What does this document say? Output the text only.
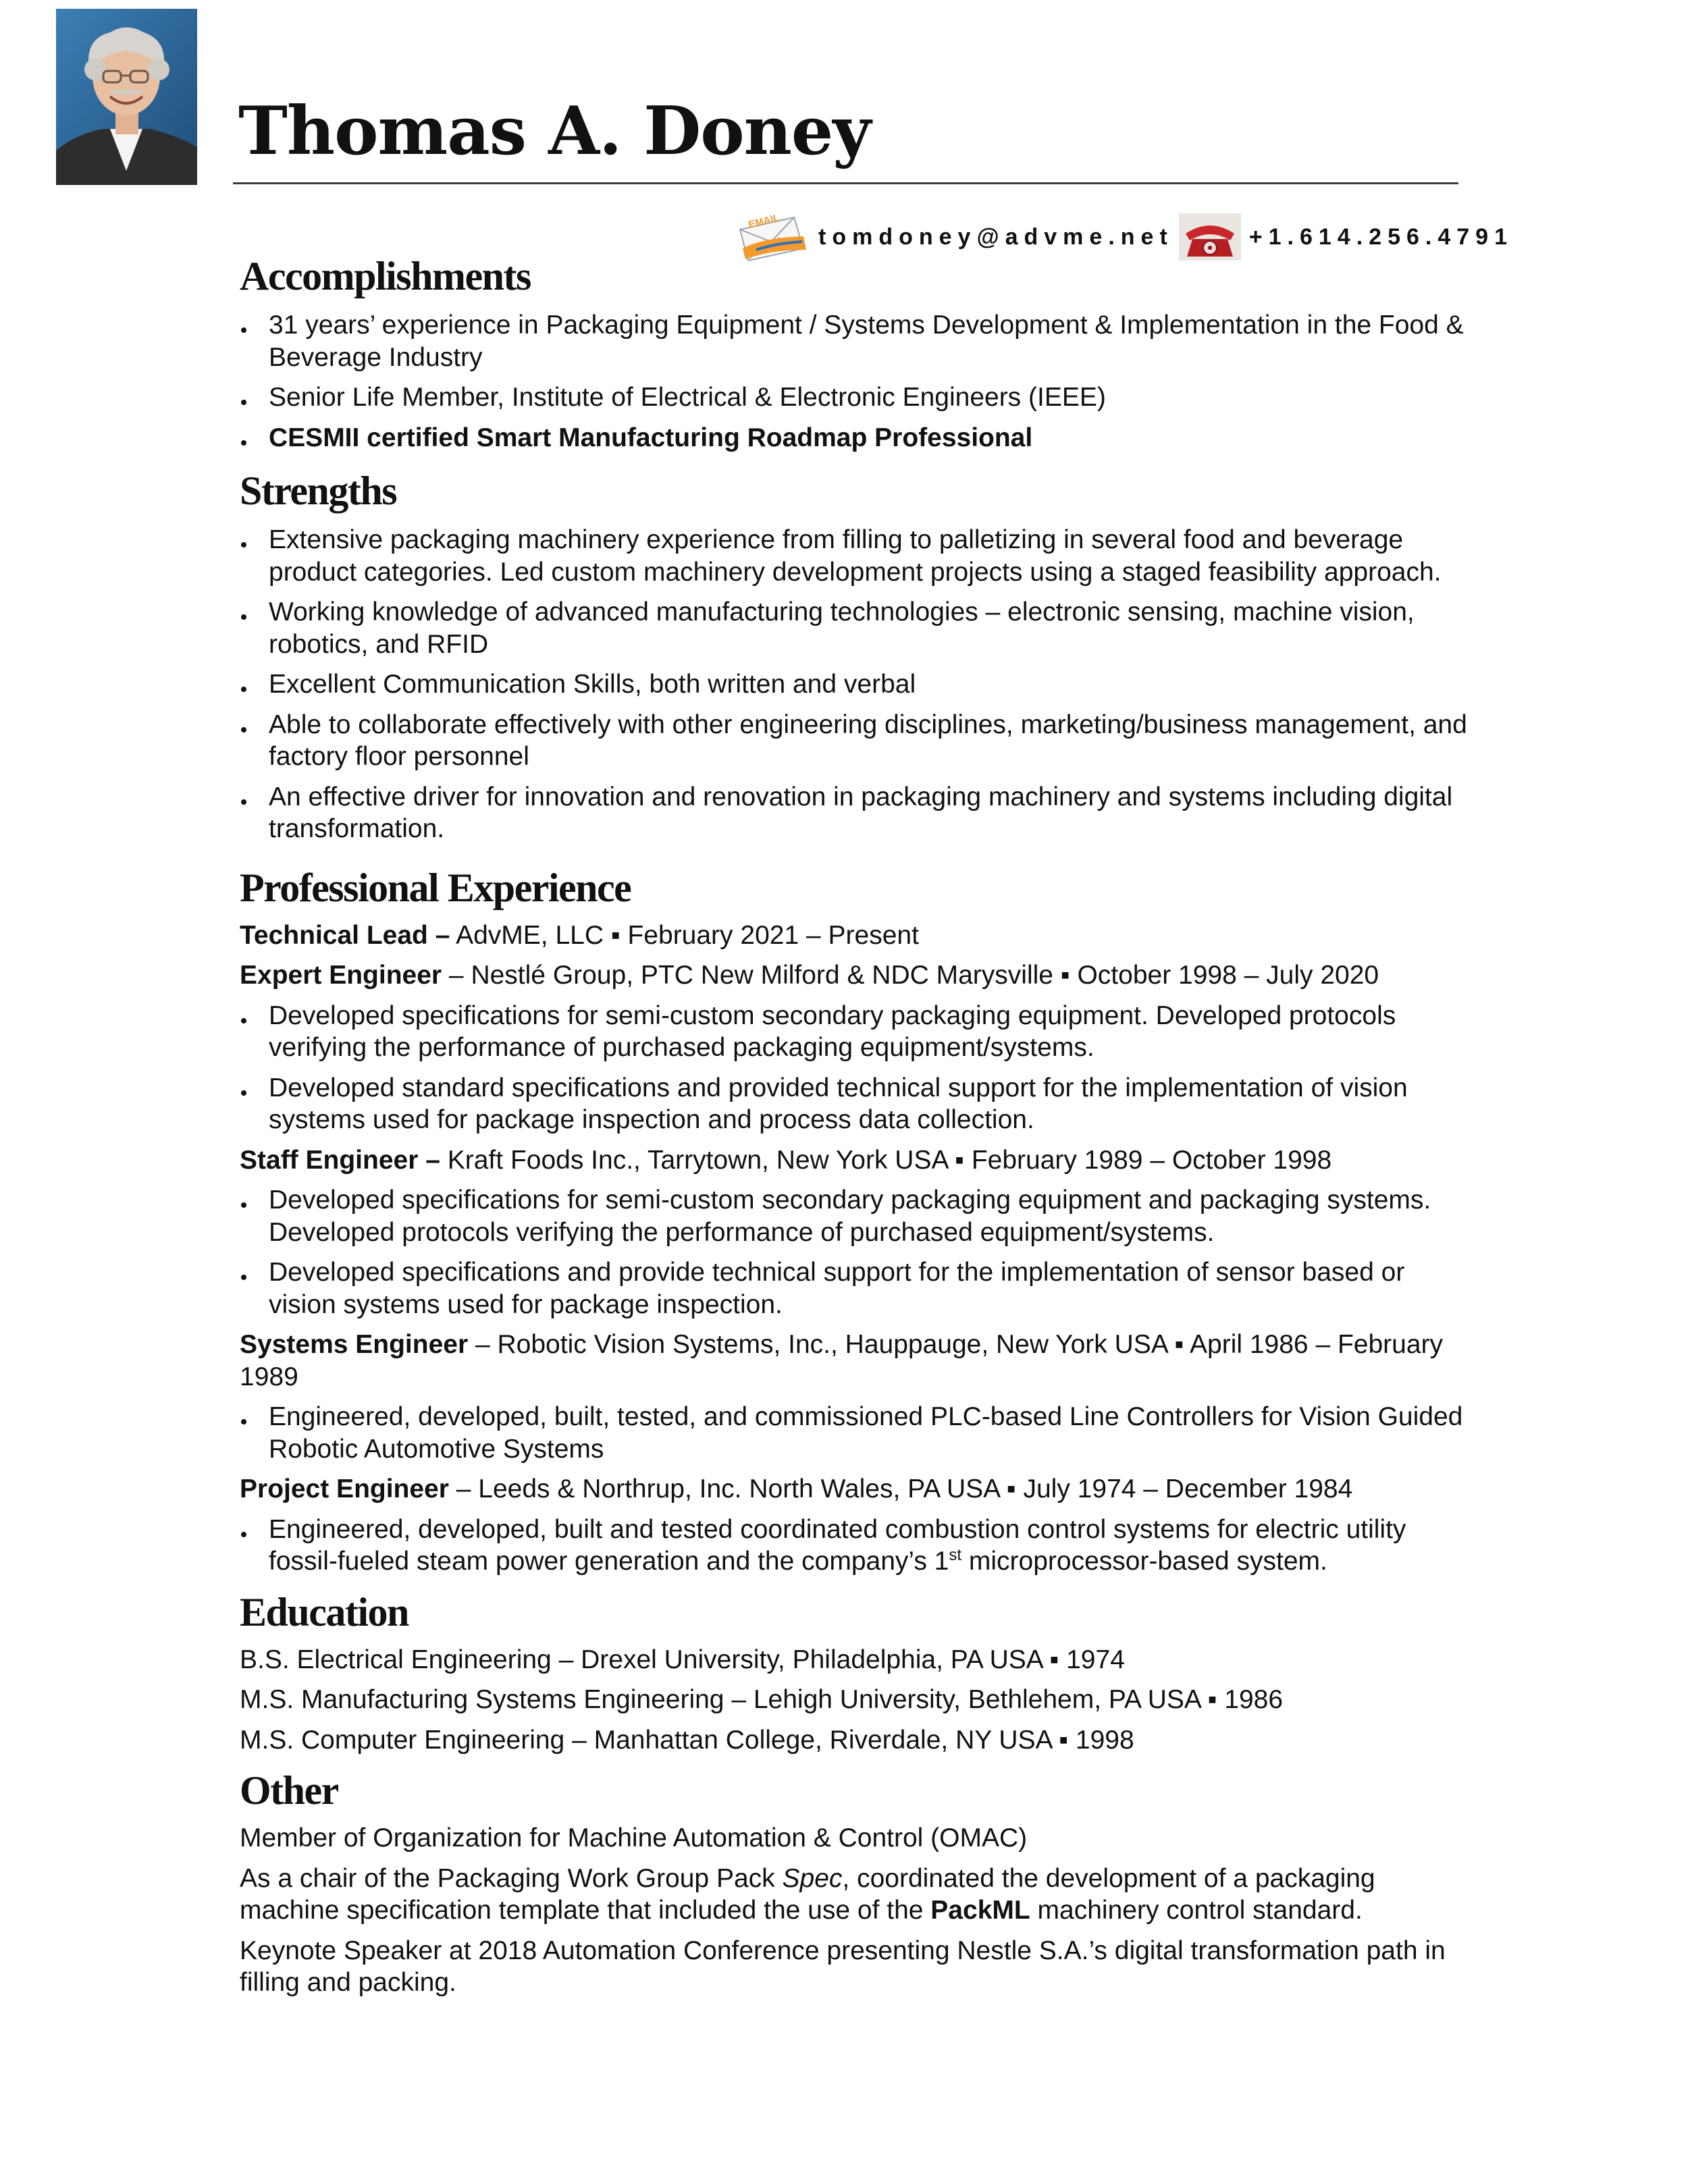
Thomas A. Doney
EMAIL
tomdoney@advme.net	+1.614.256.4791
Accomplishments
31 years’ experience in Packaging Equipment / Systems Development & Implementation in the Food & Beverage Industry
Senior Life Member, Institute of Electrical & Electronic Engineers (IEEE)
CESMII certified Smart Manufacturing Roadmap Professional
Strengths
Extensive packaging machinery experience from filling to palletizing in several food and beverage product categories. Led custom machinery development projects using a staged feasibility approach.
Working knowledge of advanced manufacturing technologies – electronic sensing, machine vision, robotics, and RFID
Excellent Communication Skills, both written and verbal
Able to collaborate effectively with other engineering disciplines, marketing/business management, and factory floor personnel
An effective driver for innovation and renovation in packaging machinery and systems including digital transformation.
Professional Experience
Technical Lead – AdvME, LLC ▪ February 2021 – Present
Expert Engineer – Nestlé Group, PTC New Milford & NDC Marysville ▪ October 1998 – July 2020
Developed specifications for semi-custom secondary packaging equipment. Developed protocols verifying the performance of purchased packaging equipment/systems.
Developed standard specifications and provided technical support for the implementation of vision systems used for package inspection and process data collection.
Staff Engineer – Kraft Foods Inc., Tarrytown, New York USA ▪ February 1989 – October 1998
Developed specifications for semi-custom secondary packaging equipment and packaging systems. Developed protocols verifying the performance of purchased equipment/systems.
Developed specifications and provide technical support for the implementation of sensor based or vision systems used for package inspection.
Systems Engineer – Robotic Vision Systems, Inc., Hauppauge, New York USA ▪ April 1986 – February 1989
Engineered, developed, built, tested, and commissioned PLC-based Line Controllers for Vision Guided Robotic Automotive Systems
Project Engineer – Leeds & Northrup, Inc. North Wales, PA USA ▪ July 1974 – December 1984
Engineered, developed, built and tested coordinated combustion control systems for electric utility fossil-fueled steam power generation and the company’s 1st microprocessor-based system.
Education
B.S. Electrical Engineering – Drexel University, Philadelphia, PA USA ▪ 1974
M.S. Manufacturing Systems Engineering – Lehigh University, Bethlehem, PA USA ▪ 1986
M.S. Computer Engineering – Manhattan College, Riverdale, NY USA ▪ 1998
Other
Member of Organization for Machine Automation & Control (OMAC)
As a chair of the Packaging Work Group Pack Spec, coordinated the development of a packaging machine specification template that included the use of the PackML machinery control standard.
Keynote Speaker at 2018 Automation Conference presenting Nestle S.A.’s digital transformation path in filling and packing.
